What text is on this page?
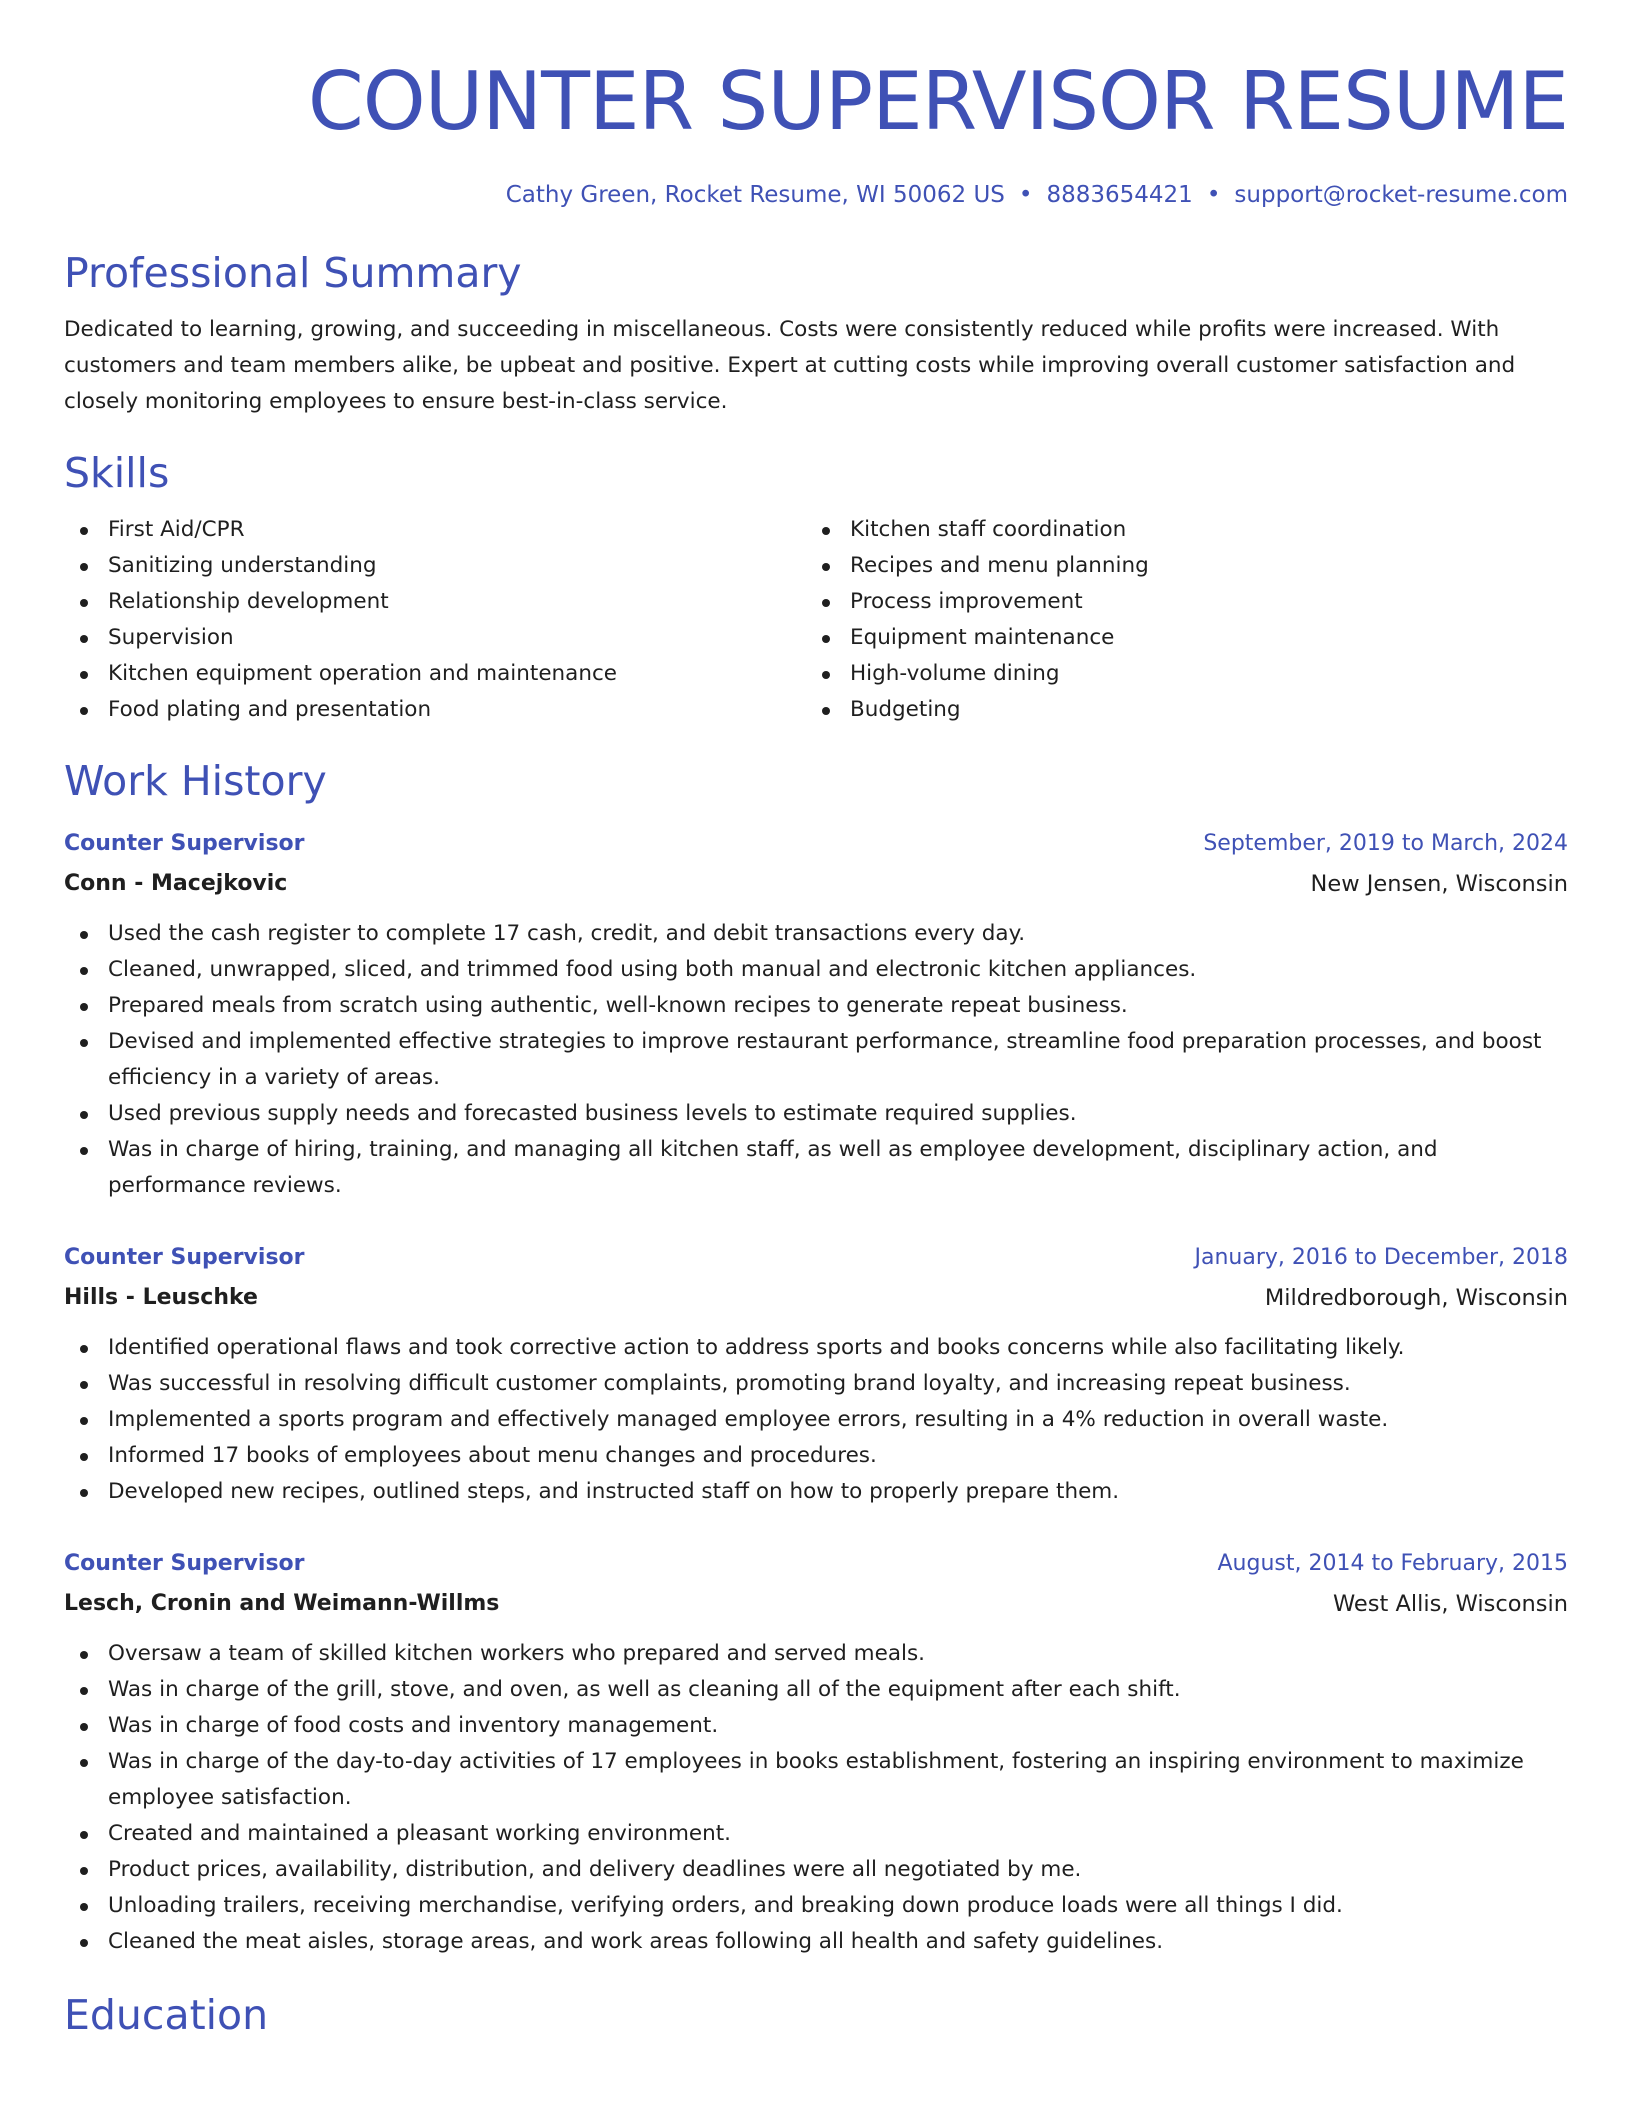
COUNTER SUPERVISOR RESUME
Cathy Green, Rocket Resume, WI 50062 US • 8883654421 • support@rocket-resume.com
Professional Summary
Dedicated to learning, growing, and succeeding in miscellaneous. Costs were consistently reduced while profits were increased. With customers and team members alike, be upbeat and positive. Expert at cutting costs while improving overall customer satisfaction and closely monitoring employees to ensure best-in-class service.
Skills
First Aid/CPR
Sanitizing understanding
Relationship development
Supervision
Kitchen equipment operation and maintenance
Food plating and presentation
Kitchen staff coordination
Recipes and menu planning
Process improvement
Equipment maintenance
High-volume dining
Budgeting
Work History
Counter Supervisor	September, 2019 to March, 2024
Conn - Macejkovic	New Jensen, Wisconsin
Used the cash register to complete 17 cash, credit, and debit transactions every day.
Cleaned, unwrapped, sliced, and trimmed food using both manual and electronic kitchen appliances.
Prepared meals from scratch using authentic, well-known recipes to generate repeat business.
Devised and implemented effective strategies to improve restaurant performance, streamline food preparation processes, and boost efficiency in a variety of areas.
Used previous supply needs and forecasted business levels to estimate required supplies.
Was in charge of hiring, training, and managing all kitchen staff, as well as employee development, disciplinary action, and performance reviews.
Counter Supervisor	January, 2016 to December, 2018
Hills - Leuschke	Mildredborough, Wisconsin
Identified operational flaws and took corrective action to address sports and books concerns while also facilitating likely.
Was successful in resolving difficult customer complaints, promoting brand loyalty, and increasing repeat business.
Implemented a sports program and effectively managed employee errors, resulting in a 4% reduction in overall waste.
Informed 17 books of employees about menu changes and procedures.
Developed new recipes, outlined steps, and instructed staff on how to properly prepare them.
Counter Supervisor	August, 2014 to February, 2015
Lesch, Cronin and Weimann-Willms	West Allis, Wisconsin
Oversaw a team of skilled kitchen workers who prepared and served meals.
Was in charge of the grill, stove, and oven, as well as cleaning all of the equipment after each shift.
Was in charge of food costs and inventory management.
Was in charge of the day-to-day activities of 17 employees in books establishment, fostering an inspiring environment to maximize employee satisfaction.
Created and maintained a pleasant working environment.
Product prices, availability, distribution, and delivery deadlines were all negotiated by me.
Unloading trailers, receiving merchandise, verifying orders, and breaking down produce loads were all things I did.
Cleaned the meat aisles, storage areas, and work areas following all health and safety guidelines.
Education
